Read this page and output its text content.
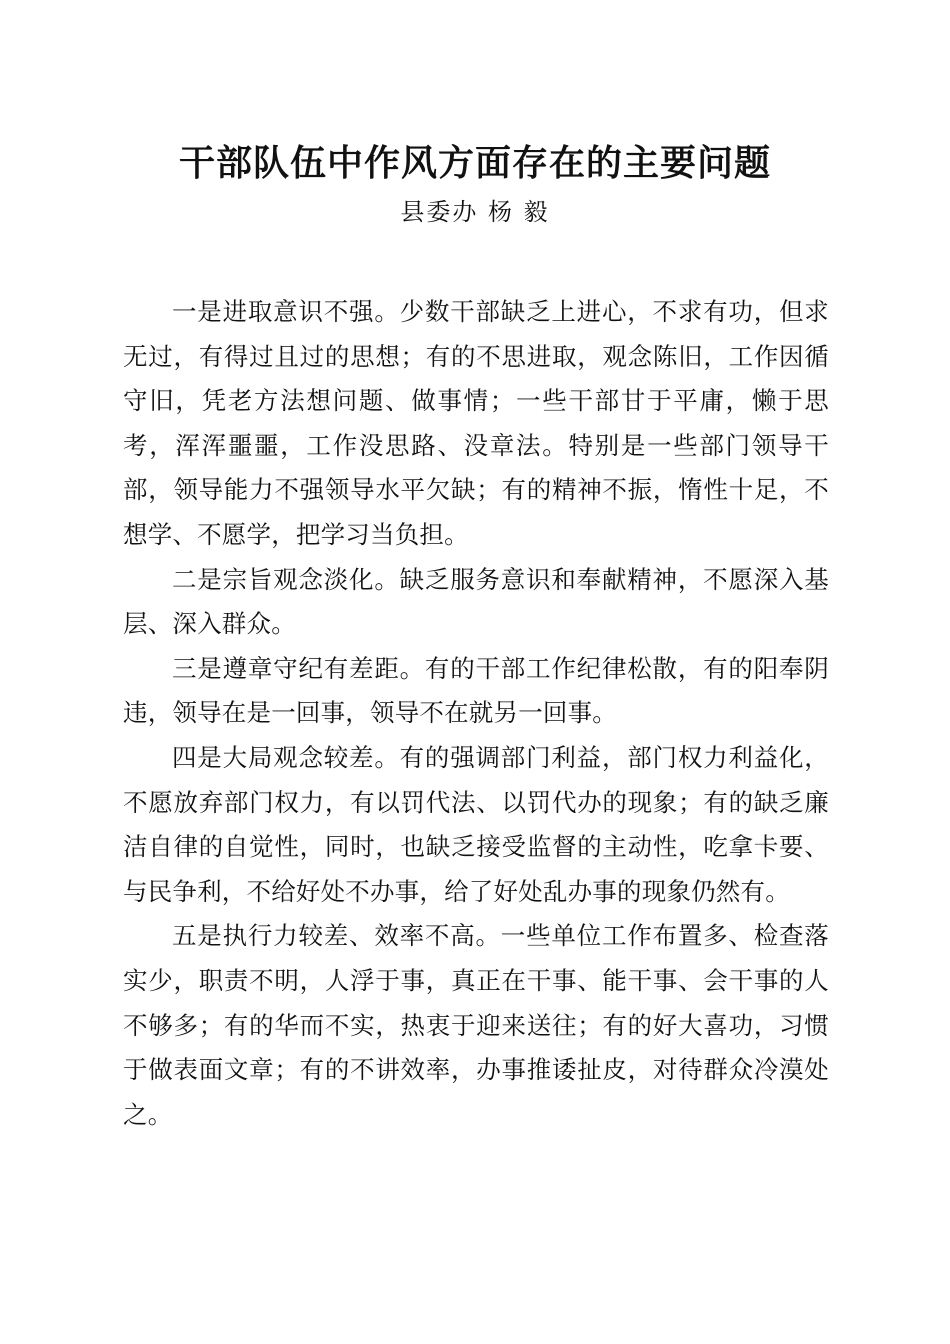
干部队伍中作风方面存在的主要问题
县委办 杨 毅

一是进取意识不强。少数干部缺乏上进心，不求有功，但求无过，有得过且过的思想；有的不思进取，观念陈旧，工作因循守旧，凭老方法想问题、做事情；一些干部甘于平庸，懒于思考，浑浑噩噩，工作没思路、没章法。特别是一些部门领导干部，领导能力不强领导水平欠缺；有的精神不振，惰性十足，不想学、不愿学，把学习当负担。

二是宗旨观念淡化。缺乏服务意识和奉献精神，不愿深入基层、深入群众。

三是遵章守纪有差距。有的干部工作纪律松散，有的阳奉阴违，领导在是一回事，领导不在就另一回事。

四是大局观念较差。有的强调部门利益，部门权力利益化，不愿放弃部门权力，有以罚代法、以罚代办的现象；有的缺乏廉洁自律的自觉性，同时，也缺乏接受监督的主动性，吃拿卡要、与民争利，不给好处不办事，给了好处乱办事的现象仍然有。

五是执行力较差、效率不高。一些单位工作布置多、检查落实少，职责不明，人浮于事，真正在干事、能干事、会干事的人不够多；有的华而不实，热衷于迎来送往；有的好大喜功，习惯于做表面文章；有的不讲效率，办事推诿扯皮，对待群众冷漠处之。
